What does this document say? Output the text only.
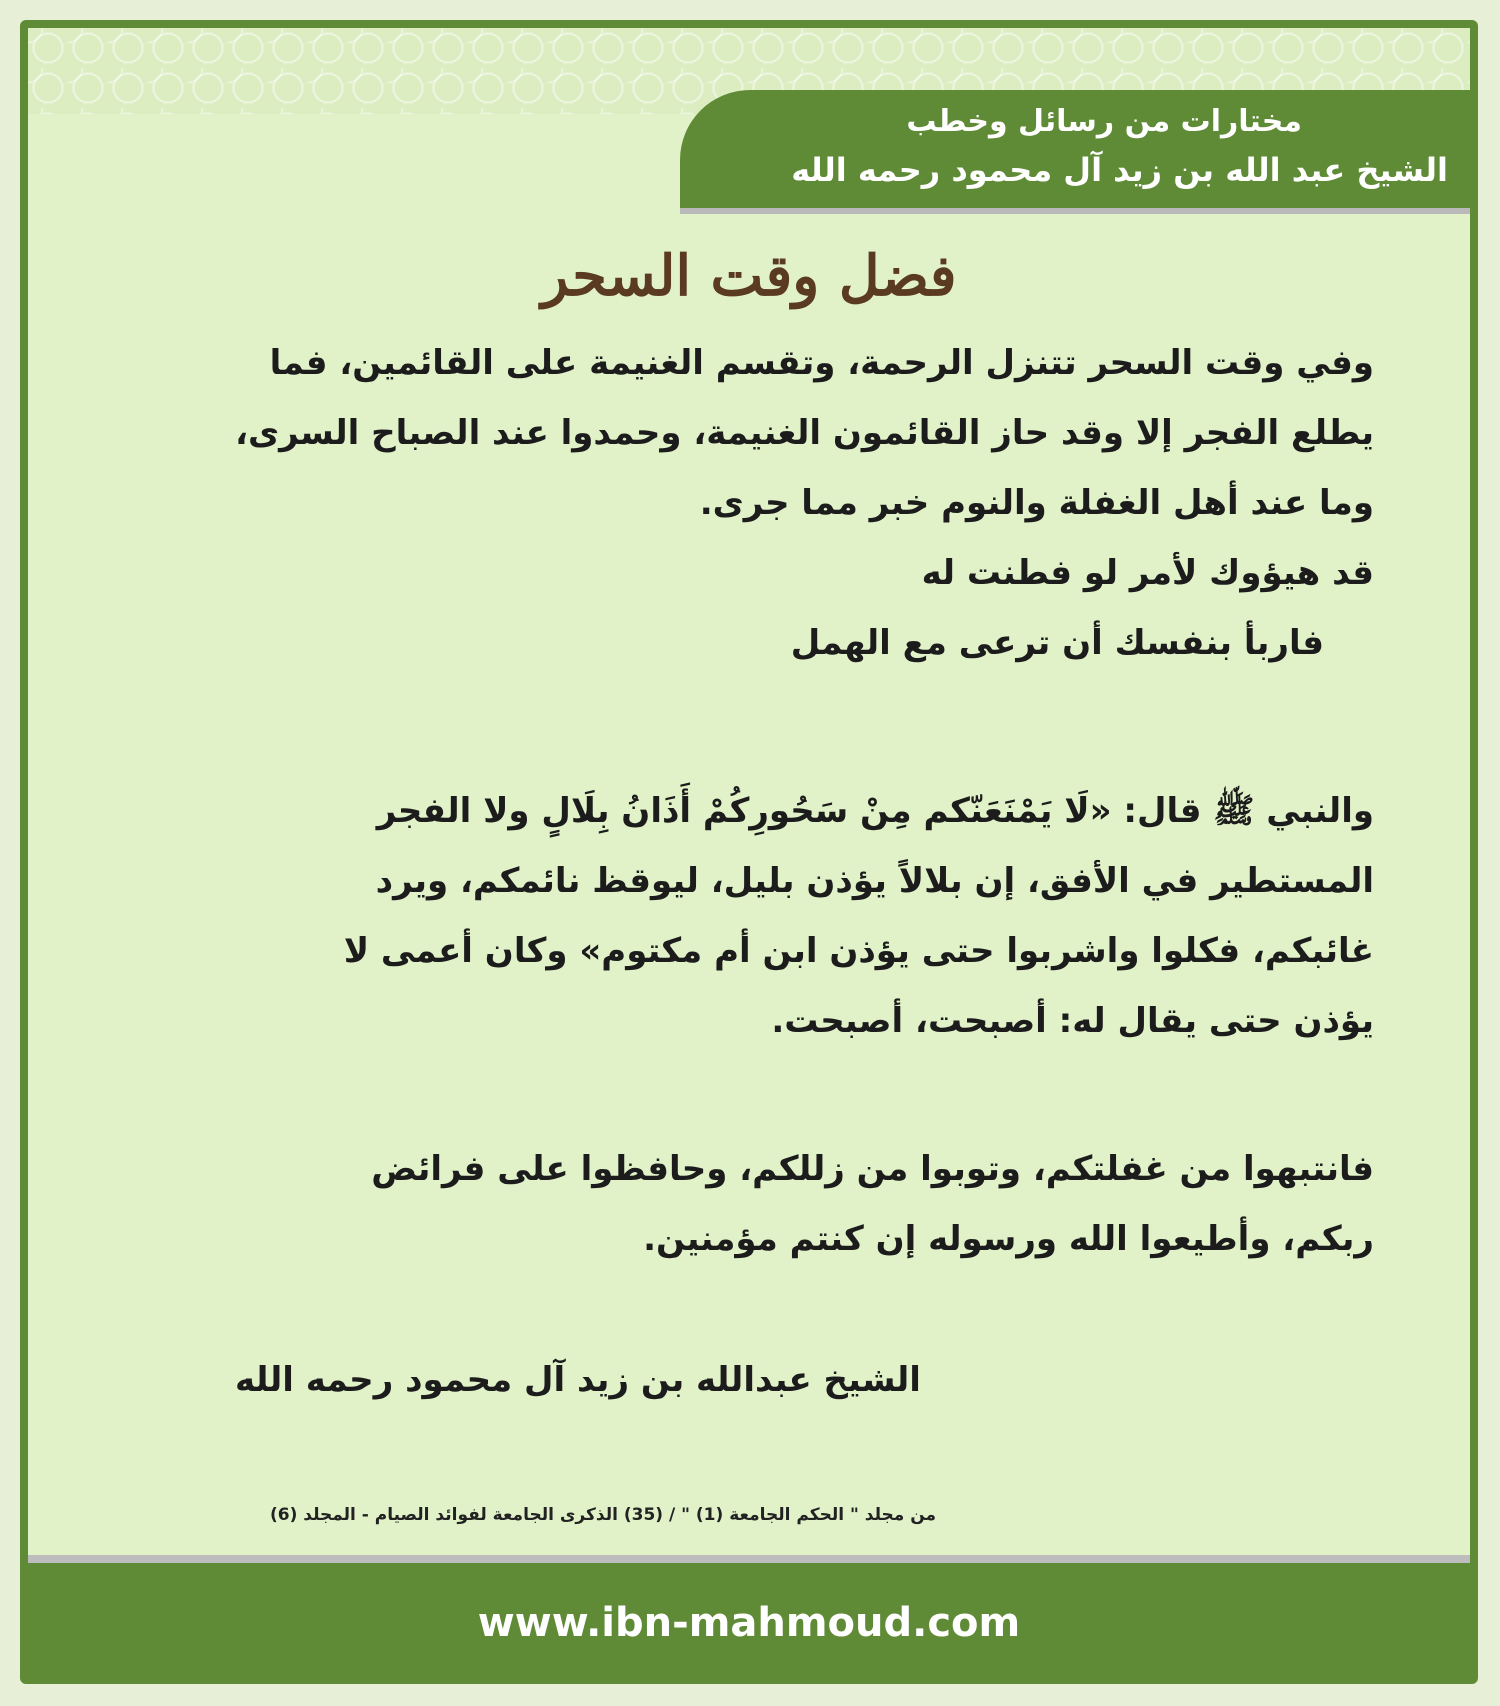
مختارات من رسائل وخطب
الشيخ عبد الله بن زيد آل محمود رحمه الله
فضل وقت السحر
وفي وقت السحر تتنزل الرحمة، وتقسم الغنيمة على القائمين، فما
يطلع الفجر إلا وقد حاز القائمون الغنيمة، وحمدوا عند الصباح السرى،
وما عند أهل الغفلة والنوم خبر مما جرى.
قد هيؤوك لأمر لو فطنت له
فاربأ بنفسك أن ترعى مع الهمل
والنبي ﷺ قال: «لَا يَمْنَعَنّكم مِنْ سَحُورِكُمْ أَذَانُ بِلَالٍ ولا الفجر
المستطير في الأفق، إن بلالاً يؤذن بليل، ليوقظ نائمكم، ويرد
غائبكم، فكلوا واشربوا حتى يؤذن ابن أم مكتوم» وكان أعمى لا
يؤذن حتى يقال له: أصبحت، أصبحت.
فانتبهوا من غفلتكم، وتوبوا من زللكم، وحافظوا على فرائض
ربكم، وأطيعوا الله ورسوله إن كنتم مؤمنين.
الشيخ عبدالله بن زيد آل محمود رحمه الله
من مجلد " الحكم الجامعة (1) " / (35) الذكرى الجامعة لفوائد الصيام - المجلد (6)
www.ibn-mahmoud.com
